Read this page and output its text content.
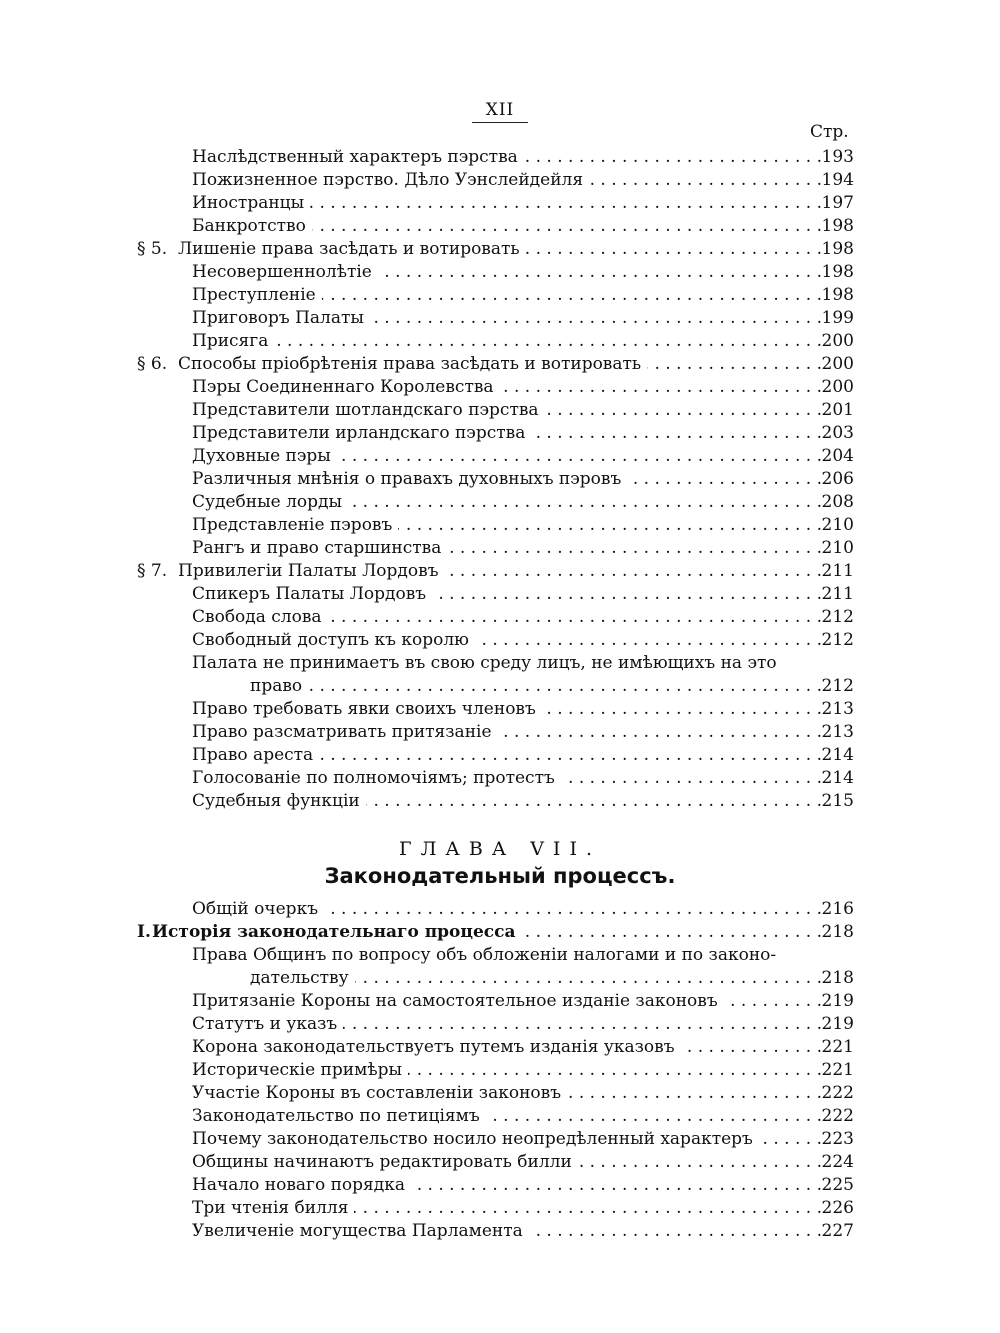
XII
Стр.
Наслѣдственный характеръ пэрства . . .	193
Пожизненное пэрство. Дѣло Уэнслейдейля . . .	194
Иностранцы . . .	197
Банкротство . . .	198
§ 5. Лишеніе права засѣдать и вотировать . . .	198
Несовершеннолѣтіе . . .	198
Преступленіе . . .	198
Приговоръ Палаты . . .	199
Присяга . . .	200
§ 6. Способы пріобрѣтенія права засѣдать и вотировать . . .	200
Пэры Соединеннаго Королевства . . .	200
Представители шотландскаго пэрства . . .	201
Представители ирландскаго пэрства . . .	203
Духовные пэры . . .	204
Различныя мнѣнія о правахъ духовныхъ пэровъ . . .	206
Судебные лорды . . .	208
Представленіе пэровъ . . .	210
Рангъ и право старшинства . . .	210
§ 7. Привилегіи Палаты Лордовъ . . .	211
Спикеръ Палаты Лордовъ . . .	211
Свобода слова . . .	212
Свободный доступъ къ королю . . .	212
Палата не принимаетъ въ свою среду лицъ, не имѣющихъ на это
право . . .	212
Право требовать явки своихъ членовъ . . .	213
Право разсматривать притязаніе . . .	213
Право ареста . . .	214
Голосованіе по полномочіямъ; протестъ . . .	214
Судебныя функціи . . .	215
ГЛАВА VII.
Законодательный процессъ.
Общій очеркъ . . .	216
I. Исторія законодательнаго процесса . . .	218
Права Общинъ по вопросу объ обложеніи налогами и по законо-
дательству . . .	218
Притязаніе Короны на самостоятельное изданіе законовъ . . .	219
Статутъ и указъ . . .	219
Корона законодательствуетъ путемъ изданія указовъ . . .	221
Историческіе примѣры . . .	221
Участіе Короны въ составленіи законовъ . . .	222
Законодательство по петиціямъ . . .	222
Почему законодательство носило неопредѣленный характеръ . . .	223
Общины начинаютъ редактировать билли . . .	224
Начало новаго порядка . . .	225
Три чтенія билля . . .	226
Увеличеніе могущества Парламента . . .	227
